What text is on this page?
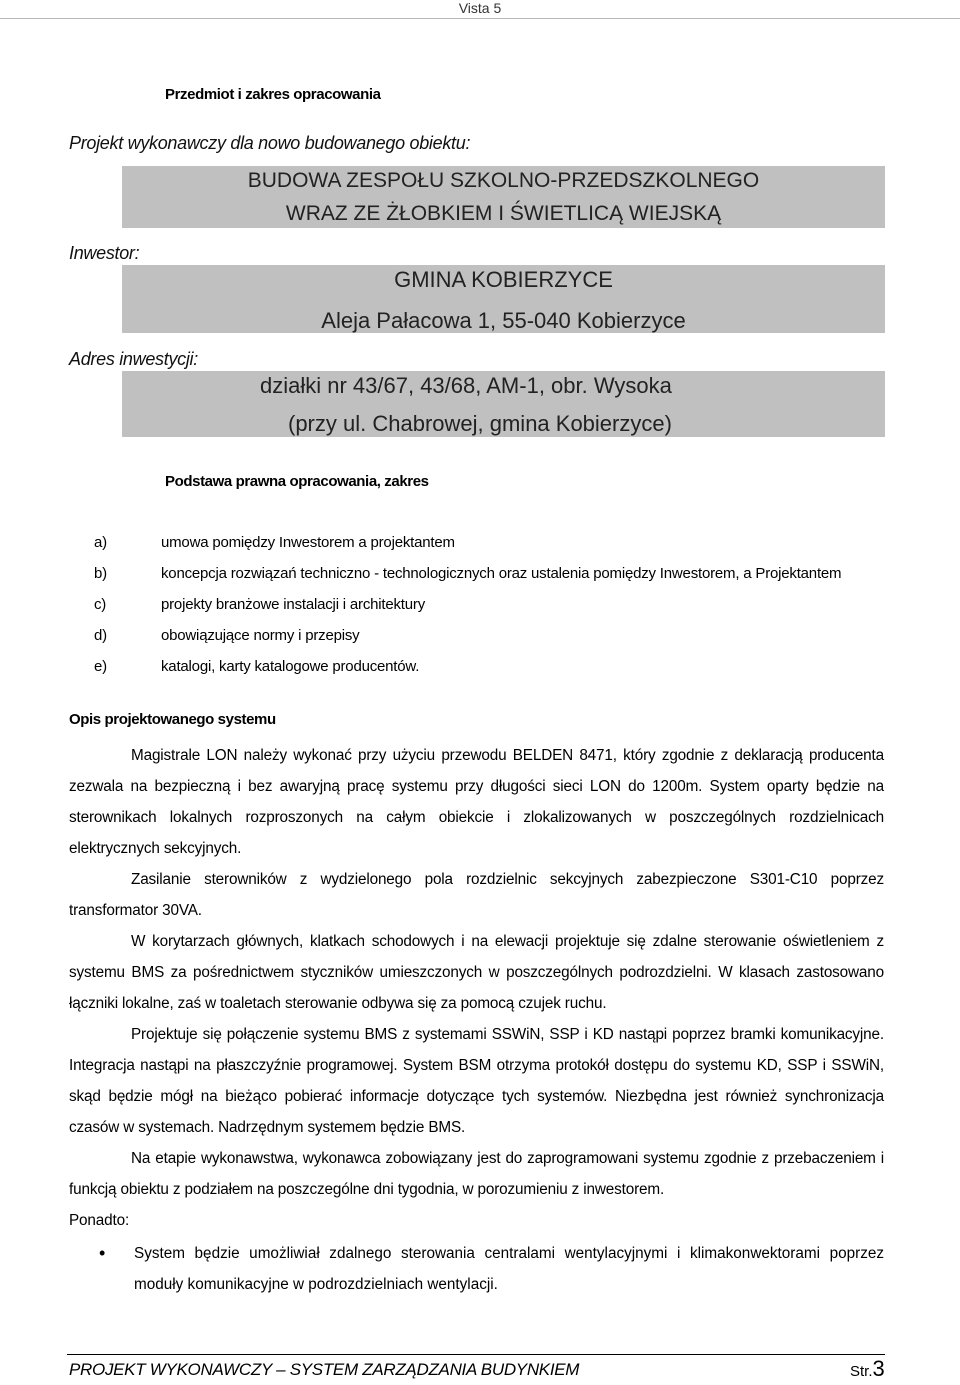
Vista 5
Przedmiot i zakres opracowania
Projekt wykonawczy dla nowo budowanego obiektu:
BUDOWA ZESPOŁU SZKOLNO-PRZEDSZKOLNEGO
WRAZ ZE ŻŁOBKIEM I ŚWIETLICĄ WIEJSKĄ
Inwestor:
GMINA KOBIERZYCE
Aleja Pałacowa 1, 55-040 Kobierzyce
Adres inwestycji:
działki nr 43/67, 43/68, AM-1, obr. Wysoka
(przy ul. Chabrowej, gmina Kobierzyce)
Podstawa prawna opracowania, zakres
a)	umowa pomiędzy Inwestorem a projektantem
b)	koncepcja rozwiązań techniczno - technologicznych oraz ustalenia pomiędzy Inwestorem, a Projektantem
c)	projekty branżowe instalacji i architektury
d)	obowiązujące normy i przepisy
e)	katalogi, karty katalogowe producentów.
Opis projektowanego systemu

Magistrale LON należy wykonać przy użyciu przewodu BELDEN 8471, który zgodnie z deklaracją producenta zezwala na bezpieczną i bez awaryjną pracę systemu przy długości sieci LON do 1200m. System oparty będzie na sterownikach lokalnych rozproszonych na całym obiekcie i zlokalizowanych w poszczególnych rozdzielnicach elektrycznych sekcyjnych.

Zasilanie sterowników z wydzielonego pola rozdzielnic sekcyjnych zabezpieczone S301-C10 poprzez transformator 30VA.

W korytarzach głównych, klatkach schodowych i na elewacji projektuje się zdalne sterowanie oświetleniem z systemu BMS za pośrednictwem styczników umieszczonych w poszczególnych podrozdzielni. W klasach zastosowano łączniki lokalne, zaś w toaletach sterowanie odbywa się za pomocą czujek ruchu.

Projektuje się połączenie systemu BMS z systemami SSWiN, SSP i KD nastąpi poprzez bramki komunikacyjne. Integracja nastąpi na płaszczyźnie programowej. System BSM otrzyma protokół dostępu do systemu KD, SSP i SSWiN, skąd będzie mógł na bieżąco pobierać informacje dotyczące tych systemów. Niezbędna jest również synchronizacja czasów w systemach. Nadrzędnym systemem będzie BMS.

Na etapie wykonawstwa, wykonawca zobowiązany jest do zaprogramowani systemu zgodnie z przebaczeniem i funkcją obiektu z podziałem na poszczególne dni tygodnia, w porozumieniu z inwestorem.

Ponadto:

• System będzie umożliwiał zdalnego sterowania centralami wentylacyjnymi i klimakonwektorami poprzez moduły komunikacyjne w podrozdzielniach wentylacji.
PROJEKT WYKONAWCZY – SYSTEM ZARZĄDZANIA BUDYNKIEM	Str.3
